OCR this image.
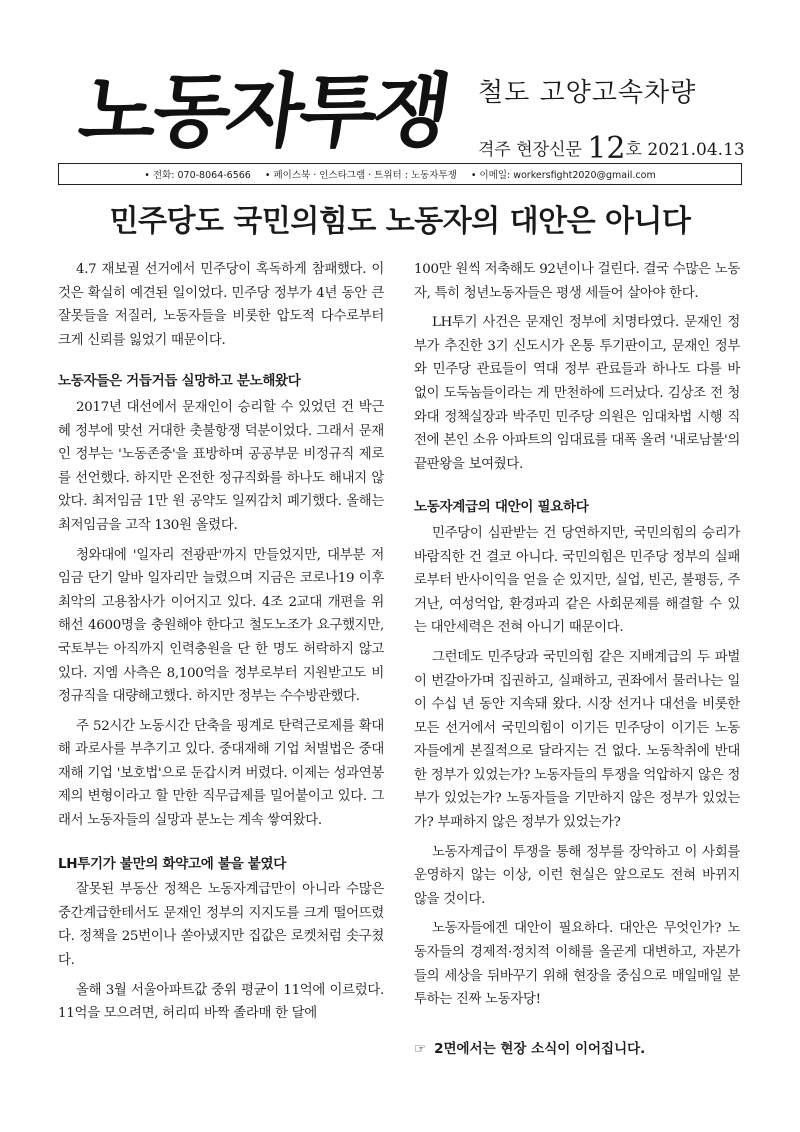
노동자투쟁 철도 고양고속차량
격주 현장신문 12호 2021.04.13
• 전화: 070-8064-6566 • 페이스북 · 인스타그램 · 트위터 : 노동자투쟁 • 이메일: workersfight2020@gmail.com
민주당도 국민의힘도 노동자의 대안은 아니다

4.7 재보궐 선거에서 민주당이 혹독하게 참패했다. 이것은 확실히 예견된 일이었다. 민주당 정부가 4년 동안 큰 잘못들을 저질러, 노동자들을 비롯한 압도적 다수로부터 크게 신뢰를 잃었기 때문이다.

노동자들은 거듭거듭 실망하고 분노해왔다

2017년 대선에서 문재인이 승리할 수 있었던 건 박근혜 정부에 맞선 거대한 촛불항쟁 덕분이었다. 그래서 문재인 정부는 '노동존중'을 표방하며 공공부문 비정규직 제로를 선언했다. 하지만 온전한 정규직화를 하나도 해내지 않았다. 최저임금 1만 원 공약도 일찌감치 폐기했다. 올해는 최저임금을 고작 130원 올렸다.

청와대에 '일자리 전광판'까지 만들었지만, 대부분 저임금 단기 알바 일자리만 늘렸으며 지금은 코로나19 이후 최악의 고용참사가 이어지고 있다. 4조 2교대 개편을 위해선 4600명을 충원해야 한다고 철도노조가 요구했지만, 국토부는 아직까지 인력충원을 단 한 명도 허락하지 않고 있다. 지엠 사측은 8,100억을 정부로부터 지원받고도 비정규직을 대량해고했다. 하지만 정부는 수수방관했다.

주 52시간 노동시간 단축을 핑계로 탄력근로제를 확대해 과로사를 부추기고 있다. 중대재해 기업 처벌법은 중대재해 기업 '보호법'으로 둔갑시켜 버렸다. 이제는 성과연봉제의 변형이라고 할 만한 직무급제를 밀어붙이고 있다. 그래서 노동자들의 실망과 분노는 계속 쌓여왔다.

LH투기가 불만의 화약고에 불을 붙였다

잘못된 부동산 정책은 노동자계급만이 아니라 수많은 중간계급한테서도 문재인 정부의 지지도를 크게 떨어뜨렸다. 정책을 25번이나 쏟아냈지만 집값은 로켓처럼 솟구쳤다.

올해 3월 서울아파트값 중위 평균이 11억에 이르렀다. 11억을 모으려면, 허리띠 바짝 졸라매 한 달에

100만 원씩 저축해도 92년이나 걸린다. 결국 수많은 노동자, 특히 청년노동자들은 평생 세들어 살아야 한다.

LH투기 사건은 문재인 정부에 치명타였다. 문재인 정부가 추진한 3기 신도시가 온통 투기판이고, 문재인 정부와 민주당 관료들이 역대 정부 관료들과 하나도 다를 바 없이 도둑놈들이라는 게 만천하에 드러났다. 김상조 전 청와대 정책실장과 박주민 민주당 의원은 임대차법 시행 직전에 본인 소유 아파트의 임대료를 대폭 올려 '내로남불'의 끝판왕을 보여줬다.

노동자계급의 대안이 필요하다

민주당이 심판받는 건 당연하지만, 국민의힘의 승리가 바람직한 건 결코 아니다. 국민의힘은 민주당 정부의 실패로부터 반사이익을 얻을 순 있지만, 실업, 빈곤, 불평등, 주거난, 여성억압, 환경파괴 같은 사회문제를 해결할 수 있는 대안세력은 전혀 아니기 때문이다.

그런데도 민주당과 국민의힘 같은 지배계급의 두 파벌이 번갈아가며 집권하고, 실패하고, 권좌에서 물러나는 일이 수십 년 동안 지속돼 왔다. 시장 선거나 대선을 비롯한 모든 선거에서 국민의힘이 이기든 민주당이 이기든 노동자들에게 본질적으로 달라지는 건 없다. 노동착취에 반대한 정부가 있었는가? 노동자들의 투쟁을 억압하지 않은 정부가 있었는가? 노동자들을 기만하지 않은 정부가 있었는가? 부패하지 않은 정부가 있었는가?

노동자계급이 투쟁을 통해 정부를 장악하고 이 사회를 운영하지 않는 이상, 이런 현실은 앞으로도 전혀 바뀌지 않을 것이다.

노동자들에겐 대안이 필요하다. 대안은 무엇인가? 노동자들의 경제적·정치적 이해를 올곧게 대변하고, 자본가들의 세상을 뒤바꾸기 위해 현장을 중심으로 매일매일 분투하는 진짜 노동자당!

☞ 2면에서는 현장 소식이 이어집니다.
